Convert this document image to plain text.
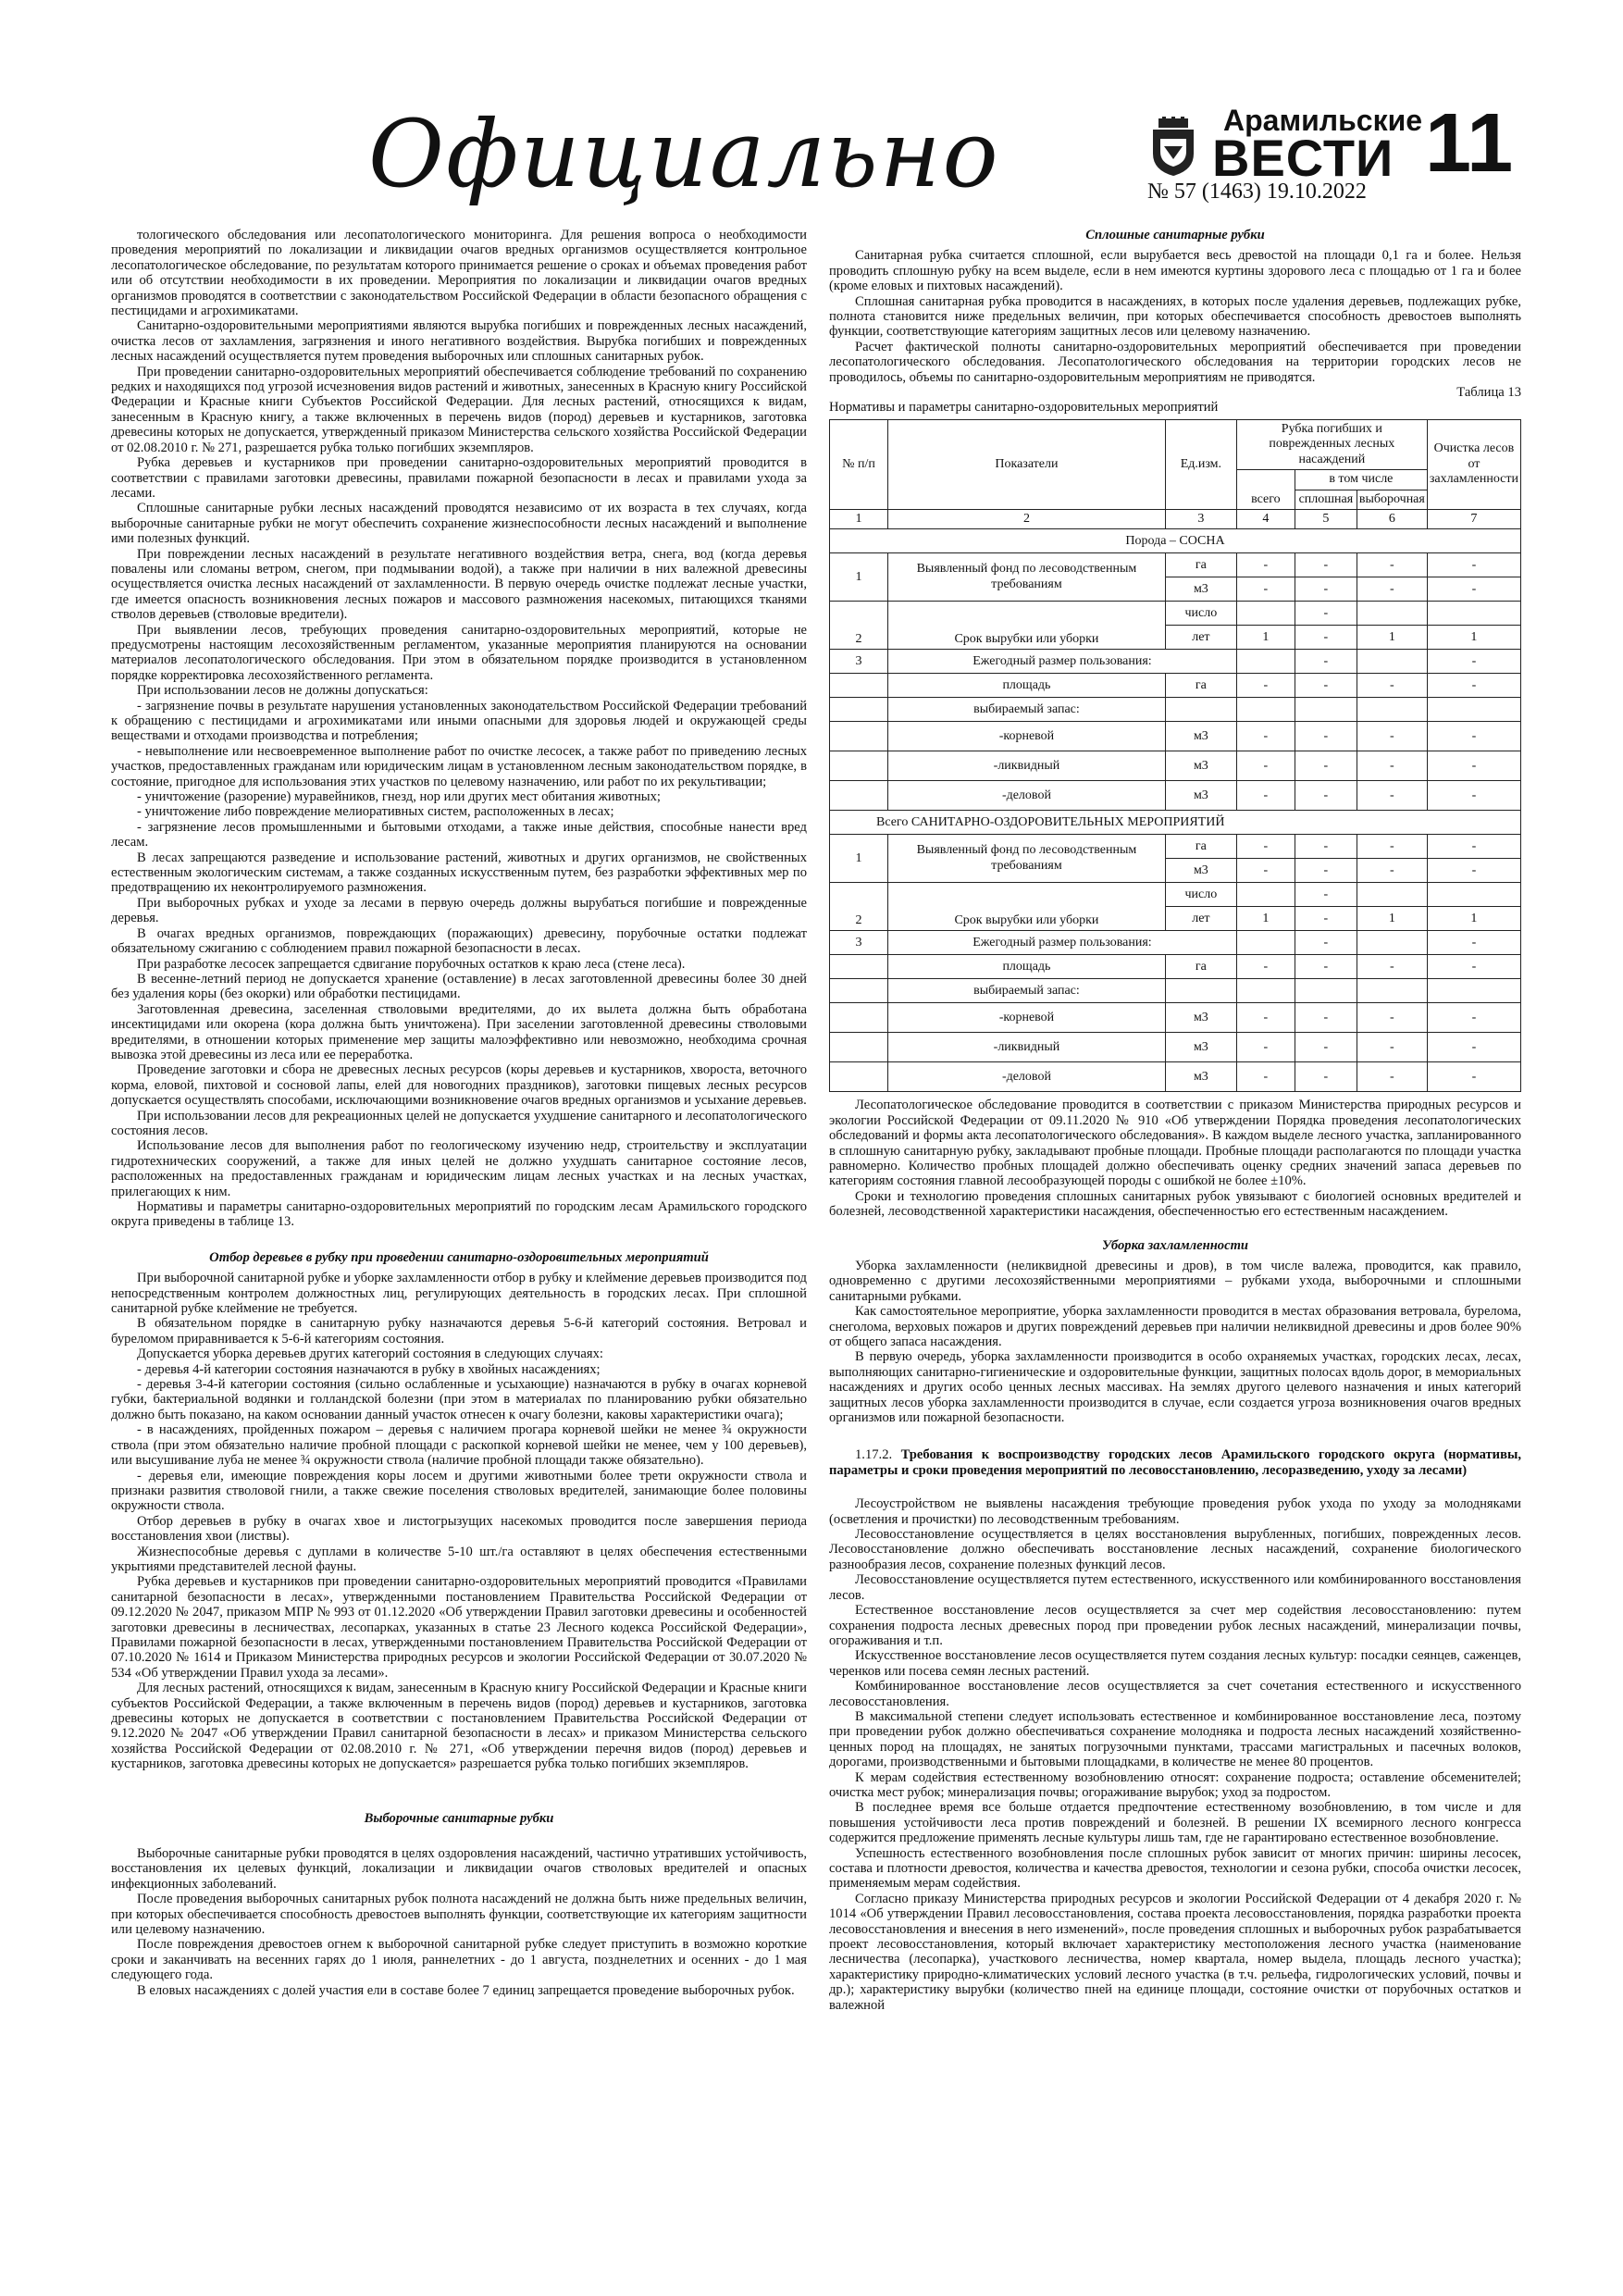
Официально	Арамильские
ВЕСТИ
№ 57 (1463) 19.10.2022
11

тологического обследования или лесопатологического мониторинга. Для решения вопроса о необходимости проведения мероприятий по локализации и ликвидации очагов вредных организмов осуществляется контрольное лесопатологическое обследование, по результатам которого принимается решение о сроках и объемах проведения работ или об отсутствии необходимости в их проведении. Мероприятия по локализации и ликвидации очагов вредных организмов проводятся в соответствии с законодательством Российской Федерации в области безопасного обращения с пестицидами и агрохимикатами.

Санитарно-оздоровительными мероприятиями являются вырубка погибших и поврежденных лесных насаждений, очистка лесов от захламления, загрязнения и иного негативного воздействия. Вырубка погибших и поврежденных лесных насаждений осуществляется путем проведения выборочных или сплошных санитарных рубок.

При проведении санитарно-оздоровительных мероприятий обеспечивается соблюдение требований по сохранению редких и находящихся под угрозой исчезновения видов растений и животных, занесенных в Красную книгу Российской Федерации и Красные книги Субъектов Российской Федерации. Для лесных растений, относящихся к видам, занесенным в Красную книгу, а также включенных в перечень видов (пород) деревьев и кустарников, заготовка древесины которых не допускается, утвержденный приказом Министерства сельского хозяйства Российской Федерации от 02.08.2010 г. № 271, разрешается рубка только погибших экземпляров.

Рубка деревьев и кустарников при проведении санитарно-оздоровительных мероприятий проводится в соответствии с правилами заготовки древесины, правилами пожарной безопасности в лесах и правилами ухода за лесами.

Сплошные санитарные рубки лесных насаждений проводятся независимо от их возраста в тех случаях, когда выборочные санитарные рубки не могут обеспечить сохранение жизнеспособности лесных насаждений и выполнение ими полезных функций.

При повреждении лесных насаждений в результате негативного воздействия ветра, снега, вод (когда деревья повалены или сломаны ветром, снегом, при подмывании водой), а также при наличии в них валежной древесины осуществляется очистка лесных насаждений от захламленности. В первую очередь очистке подлежат лесные участки, где имеется опасность возникновения лесных пожаров и массового размножения насекомых, питающихся тканями стволов деревьев (стволовые вредители).

При выявлении лесов, требующих проведения санитарно-оздоровительных мероприятий, которые не предусмотрены настоящим лесохозяйственным регламентом, указанные мероприятия планируются на основании материалов лесопатологического обследования. При этом в обязательном порядке производится в установленном порядке корректировка лесохозяйственного регламента.

При использовании лесов не должны допускаться:

- загрязнение почвы в результате нарушения установленных законодательством Российской Федерации требований к обращению с пестицидами и агрохимикатами или иными опасными для здоровья людей и окружающей среды веществами и отходами производства и потребления;

- невыполнение или несвоевременное выполнение работ по очистке лесосек, а также работ по приведению лесных участков, предоставленных гражданам или юридическим лицам в установленном лесным законодательством порядке, в состояние, пригодное для использования этих участков по целевому назначению, или работ по их рекультивации;

- уничтожение (разорение) муравейников, гнезд, нор или других мест обитания животных;

- уничтожение либо повреждение мелиоративных систем, расположенных в лесах;

- загрязнение лесов промышленными и бытовыми отходами, а также иные действия, способные нанести вред лесам.

В лесах запрещаются разведение и использование растений, животных и других организмов, не свойственных естественным экологическим системам, а также созданных искусственным путем, без разработки эффективных мер по предотвращению их неконтролируемого размножения.

При выборочных рубках и уходе за лесами в первую очередь должны вырубаться погибшие и поврежденные деревья.

В очагах вредных организмов, повреждающих (поражающих) древесину, порубочные остатки подлежат обязательному сжиганию с соблюдением правил пожарной безопасности в лесах.

При разработке лесосек запрещается сдвигание порубочных остатков к краю леса (стене леса).

В весенне-летний период не допускается хранение (оставление) в лесах заготовленной древесины более 30 дней без удаления коры (без окорки) или обработки пестицидами.

Заготовленная древесина, заселенная стволовыми вредителями, до их вылета должна быть обработана инсектицидами или окорена (кора должна быть уничтожена). При заселении заготовленной древесины стволовыми вредителями, в отношении которых применение мер защиты малоэффективно или невозможно, необходима срочная вывозка этой древесины из леса или ее переработка.

Проведение заготовки и сбора не древесных лесных ресурсов (коры деревьев и кустарников, хвороста, веточного корма, еловой, пихтовой и сосновой лапы, елей для новогодних праздников), заготовки пищевых лесных ресурсов допускается осуществлять способами, исключающими возникновение очагов вредных организмов и усыхание деревьев.

При использовании лесов для рекреационных целей не допускается ухудшение санитарного и лесопатологического состояния лесов.

Использование лесов для выполнения работ по геологическому изучению недр, строительству и эксплуатации гидротехнических сооружений, а также для иных целей не должно ухудшать санитарное состояние лесов, расположенных на предоставленных гражданам и юридическим лицам лесных участках и на лесных участках, прилегающих к ним.

Нормативы и параметры санитарно-оздоровительных мероприятий по городским лесам Арамильского городского округа приведены в таблице 13.

Отбор деревьев в рубку при проведении санитарно-оздоровительных мероприятий

При выборочной санитарной рубке и уборке захламленности отбор в рубку и клеймение деревьев производится под непосредственным контролем должностных лиц, регулирующих деятельность в городских лесах. При сплошной санитарной рубке клеймение не требуется.

В обязательном порядке в санитарную рубку назначаются деревья 5-6-й категорий состояния. Ветровал и буреломом приравнивается к 5-6-й категориям состояния.

Допускается уборка деревьев других категорий состояния в следующих случаях:

- деревья 4-й категории состояния назначаются в рубку в хвойных насаждениях;

- деревья 3-4-й категории состояния (сильно ослабленные и усыхающие) назначаются в рубку в очагах корневой губки, бактериальной водянки и голландской болезни (при этом в материалах по планированию рубки обязательно должно быть показано, на каком основании данный участок отнесен к очагу болезни, каковы характеристики очага);

- в насаждениях, пройденных пожаром – деревья с наличием прогара корневой шейки не менее ¾ окружности ствола (при этом обязательно наличие пробной площади с раскопкой корневой шейки не менее, чем у 100 деревьев), или высушивание луба не менее ¾ окружности ствола (наличие пробной площади также обязательно).

- деревья ели, имеющие повреждения коры лосем и другими животными более трети окружности ствола и признаки развития стволовой гнили, а также свежие поселения стволовых вредителей, занимающие более половины окружности ствола.

Отбор деревьев в рубку в очагах хвое и листогрызущих насекомых проводится после завершения периода восстановления хвои (листвы).

Жизнеспособные деревья с дуплами в количестве 5-10 шт./га оставляют в целях обеспечения естественными укрытиями представителей лесной фауны.

Рубка деревьев и кустарников при проведении санитарно-оздоровительных мероприятий проводится «Правилами санитарной безопасности в лесах», утвержденными постановлением Правительства Российской Федерации от 09.12.2020 № 2047, приказом МПР № 993 от 01.12.2020 «Об утверждении Правил заготовки древесины и особенностей заготовки древесины в лесничествах, лесопарках, указанных в статье 23 Лесного кодекса Российской Федерации», Правилами пожарной безопасности в лесах, утвержденными постановлением Правительства Российской Федерации от 07.10.2020 № 1614 и Приказом Министерства природных ресурсов и экологии Российской Федерации от 30.07.2020 № 534 «Об утверждении Правил ухода за лесами».

Для лесных растений, относящихся к видам, занесенным в Красную книгу Российской Федерации и Красные книги субъектов Российской Федерации, а также включенным в перечень видов (пород) деревьев и кустарников, заготовка древесины которых не допускается в соответствии с постановлением Правительства Российской Федерации от 9.12.2020 № 2047 «Об утверждении Правил санитарной безопасности в лесах» и приказом Министерства сельского хозяйства Российской Федерации от 02.08.2010 г. № 271, «Об утверждении перечня видов (пород) деревьев и кустарников, заготовка древесины которых не допускается» разрешается рубка только погибших экземпляров.

Выборочные санитарные рубки

Выборочные санитарные рубки проводятся в целях оздоровления насаждений, частично утративших устойчивость, восстановления их целевых функций, локализации и ликвидации очагов стволовых вредителей и опасных инфекционных заболеваний.

После проведения выборочных санитарных рубок полнота насаждений не должна быть ниже предельных величин, при которых обеспечивается способность древостоев выполнять функции, соответствующие их категориям защитности или целевому назначению.

После повреждения древостоев огнем к выборочной санитарной рубке следует приступить в возможно короткие сроки и заканчивать на весенних гарях до 1 июля, раннелетних - до 1 августа, позднелетних и осенних - до 1 мая следующего года.

В еловых насаждениях с долей участия ели в составе более 7 единиц запрещается проведение выборочных рубок.

Сплошные санитарные рубки

Санитарная рубка считается сплошной, если вырубается весь древостой на площади 0,1 га и более. Нельзя проводить сплошную рубку на всем выделе, если в нем имеются куртины здорового леса с площадью от 1 га и более (кроме еловых и пихтовых насаждений).

Сплошная санитарная рубка проводится в насаждениях, в которых после удаления деревьев, подлежащих рубке, полнота становится ниже предельных величин, при которых обеспечивается способность древостоев выполнять функции, соответствующие категориям защитных лесов или целевому назначению.

Расчет фактической полноты санитарно-оздоровительных мероприятий обеспечивается при проведении лесопатологического обследования. Лесопатологического обследования на территории городских лесов не проводилось, объемы по санитарно-оздоровительным мероприятиям не приводятся.

Таблица 13

Нормативы и параметры санитарно-оздоровительных мероприятий

№ п/п	Показатели	Ед.изм.	Рубка погибших и поврежденных лесных насаждений			Очистка лесов от захламленности
			всего	в том числе		
				сплошная	выборочная	
1	2	3	4	5	6	7
Порода – СОСНА						
1	Выявленный фонд по лесоводственным требованиям	га	-	-	-	-
		м3	-	-	-	-
2	Срок вырубки или уборки	число		-		
		лет	1	-	1	1
3	Ежегодный размер пользования:			-		-
	площадь	га	-	-	-	-
	выбираемый запас:					
	-корневой	м3	-	-	-	-
	-ликвидный	м3	-	-	-	-
	-деловой	м3	-	-	-	-
Всего САНИТАРНО-ОЗДОРОВИТЕЛЬНЫХ МЕРОПРИЯТИЙ						
1	Выявленный фонд по лесоводственным требованиям	га	-	-	-	-
		м3	-	-	-	-
2	Срок вырубки или уборки	число		-		
		лет	1	-	1	1
3	Ежегодный размер пользования:			-		-
	площадь	га	-	-	-	-
	выбираемый запас:					
	-корневой	м3	-	-	-	-
	-ликвидный	м3	-	-	-	-
	-деловой	м3	-	-	-	-

Лесопатологическое обследование проводится в соответствии с приказом Министерства природных ресурсов и экологии Российской Федерации от 09.11.2020 № 910 «Об утверждении Порядка проведения лесопатологических обследований и формы акта лесопатологического обследования». В каждом выделе лесного участка, запланированного в сплошную санитарную рубку, закладывают пробные площади. Пробные площади располагаются по площади участка равномерно. Количество пробных площадей должно обеспечивать оценку средних значений запаса деревьев по категориям состояния главной лесообразующей породы с ошибкой не более ±10%.

Сроки и технологию проведения сплошных санитарных рубок увязывают с биологией основных вредителей и болезней, лесоводственной характеристики насаждения, обеспеченностью его естественным насаждением.

Уборка захламленности

Уборка захламленности (неликвидной древесины и дров), в том числе валежа, проводится, как правило, одновременно с другими лесохозяйственными мероприятиями – рубками ухода, выборочными и сплошными санитарными рубками.

Как самостоятельное мероприятие, уборка захламленности проводится в местах образования ветровала, бурелома, снеголома, верховых пожаров и других повреждений деревьев при наличии неликвидной древесины и дров более 90% от общего запаса насаждения.

В первую очередь, уборка захламленности производится в особо охраняемых участках, городских лесах, лесах, выполняющих санитарно-гигиенические и оздоровительные функции, защитных полосах вдоль дорог, в мемориальных насаждениях и других особо ценных лесных массивах. На землях другого целевого назначения и иных категорий защитных лесов уборка захламленности производится в случае, если создается угроза возникновения очагов вредных организмов или пожарной безопасности.

1.17.2. Требования к воспроизводству городских лесов Арамильского городского округа (нормативы, параметры и сроки проведения мероприятий по лесовосстановлению, лесоразведению, уходу за лесами)

Лесоустройством не выявлены насаждения требующие проведения рубок ухода по уходу за молодняками (осветления и прочистки) по лесоводственным требованиям.

Лесовосстановление осуществляется в целях восстановления вырубленных, погибших, поврежденных лесов. Лесовосстановление должно обеспечивать восстановление лесных насаждений, сохранение биологического разнообразия лесов, сохранение полезных функций лесов.

Лесовосстановление осуществляется путем естественного, искусственного или комбинированного восстановления лесов.

Естественное восстановление лесов осуществляется за счет мер содействия лесовосстановлению: путем сохранения подроста лесных древесных пород при проведении рубок лесных насаждений, минерализации почвы, огораживания и т.п.

Искусственное восстановление лесов осуществляется путем создания лесных культур: посадки сеянцев, саженцев, черенков или посева семян лесных растений.

Комбинированное восстановление лесов осуществляется за счет сочетания естественного и искусственного лесовосстановления.

В максимальной степени следует использовать естественное и комбинированное восстановление леса, поэтому при проведении рубок должно обеспечиваться сохранение молодняка и подроста лесных насаждений хозяйственно-ценных пород на площадях, не занятых погрузочными пунктами, трассами магистральных и пасечных волоков, дорогами, производственными и бытовыми площадками, в количестве не менее 80 процентов.

К мерам содействия естественному возобновлению относят: сохранение подроста; оставление обсеменителей; очистка мест рубок; минерализация почвы; огораживание вырубок; уход за подростом.

В последнее время все больше отдается предпочтение естественному возобновлению, в том числе и для повышения устойчивости леса против повреждений и болезней. В решении IX всемирного лесного конгресса содержится предложение применять лесные культуры лишь там, где не гарантировано естественное возобновление.

Успешность естественного возобновления после сплошных рубок зависит от многих причин: ширины лесосек, состава и плотности древостоя, количества и качества древостоя, технологии и сезона рубки, способа очистки лесосек, применяемым мерам содействия.

Согласно приказу Министерства природных ресурсов и экологии Российской Федерации от 4 декабря 2020 г. № 1014 «Об утверждении Правил лесовосстановления, состава проекта лесовосстановления, порядка разработки проекта лесовосстановления и внесения в него изменений», после проведения сплошных и выборочных рубок разрабатывается проект лесовосстановления, который включает характеристику местоположения лесного участка (наименование лесничества (лесопарка), участкового лесничества, номер квартала, номер выдела, площадь лесного участка); характеристику природно-климатических условий лесного участка (в т.ч. рельефа, гидрологических условий, почвы и др.); характеристику вырубки (количество пней на единице площади, состояние очистки от порубочных остатков и валежной
